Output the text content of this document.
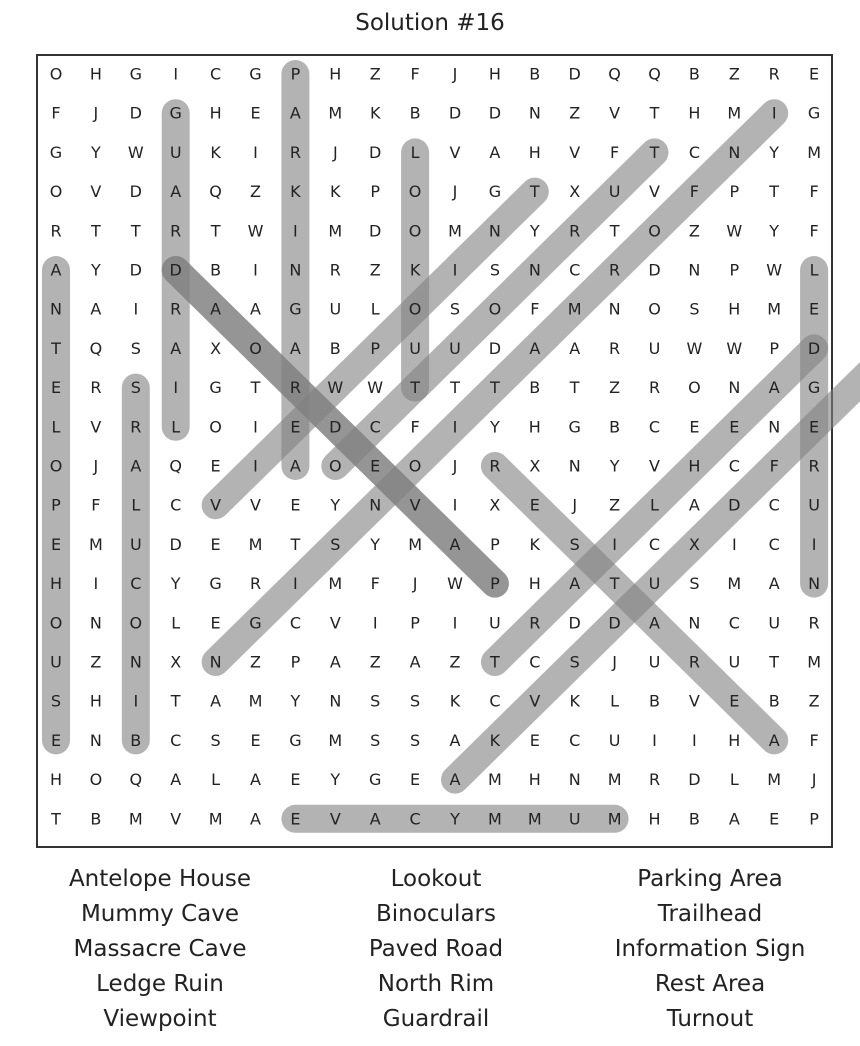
Solution #16
O H G I C G P H Z F J H B D Q Q B Z R E
F J D G H E A M K B D D N Z V T H M I G
G Y W U K I R J D L V A H V F T C N Y M
O V D A Q Z K K P O J G T X U V F P T F
R T T R T W I M D O M N Y R T O Z W Y F
A Y D D B I N R Z K I S N C R D N P W L
N A I R A A G U L O S O F M N O S H M E
T Q S A X O A B P U U D A A R U W W P D
E R S I G T R W W T T T B T Z R O N A G
L V R L O I E D C F I Y H G B C E E N E
O J A Q E I A O E O J R X N Y V H C F R
P F L C V V E Y N V I X E J Z L A D C U
E M U D E M T S Y M A P K S I C X I C I
H I C Y G R I M F J W P H A T U S M A N
O N O L E G C V I P I U R D D A N C U R
U Z N X N Z P A Z A Z T C S J U R U T M
S H I T A M Y N S S K C V K L B V E B Z
E N B C S E G M S S A K E C U I I H A F
H O Q A L A E Y G E A M H N M R D L M J
T B M V M A E V A C Y M M U M H B A E P
Antelope House
Mummy Cave
Massacre Cave
Ledge Ruin
Viewpoint
Lookout
Binoculars
Paved Road
North Rim
Guardrail
Parking Area
Trailhead
Information Sign
Rest Area
Turnout
